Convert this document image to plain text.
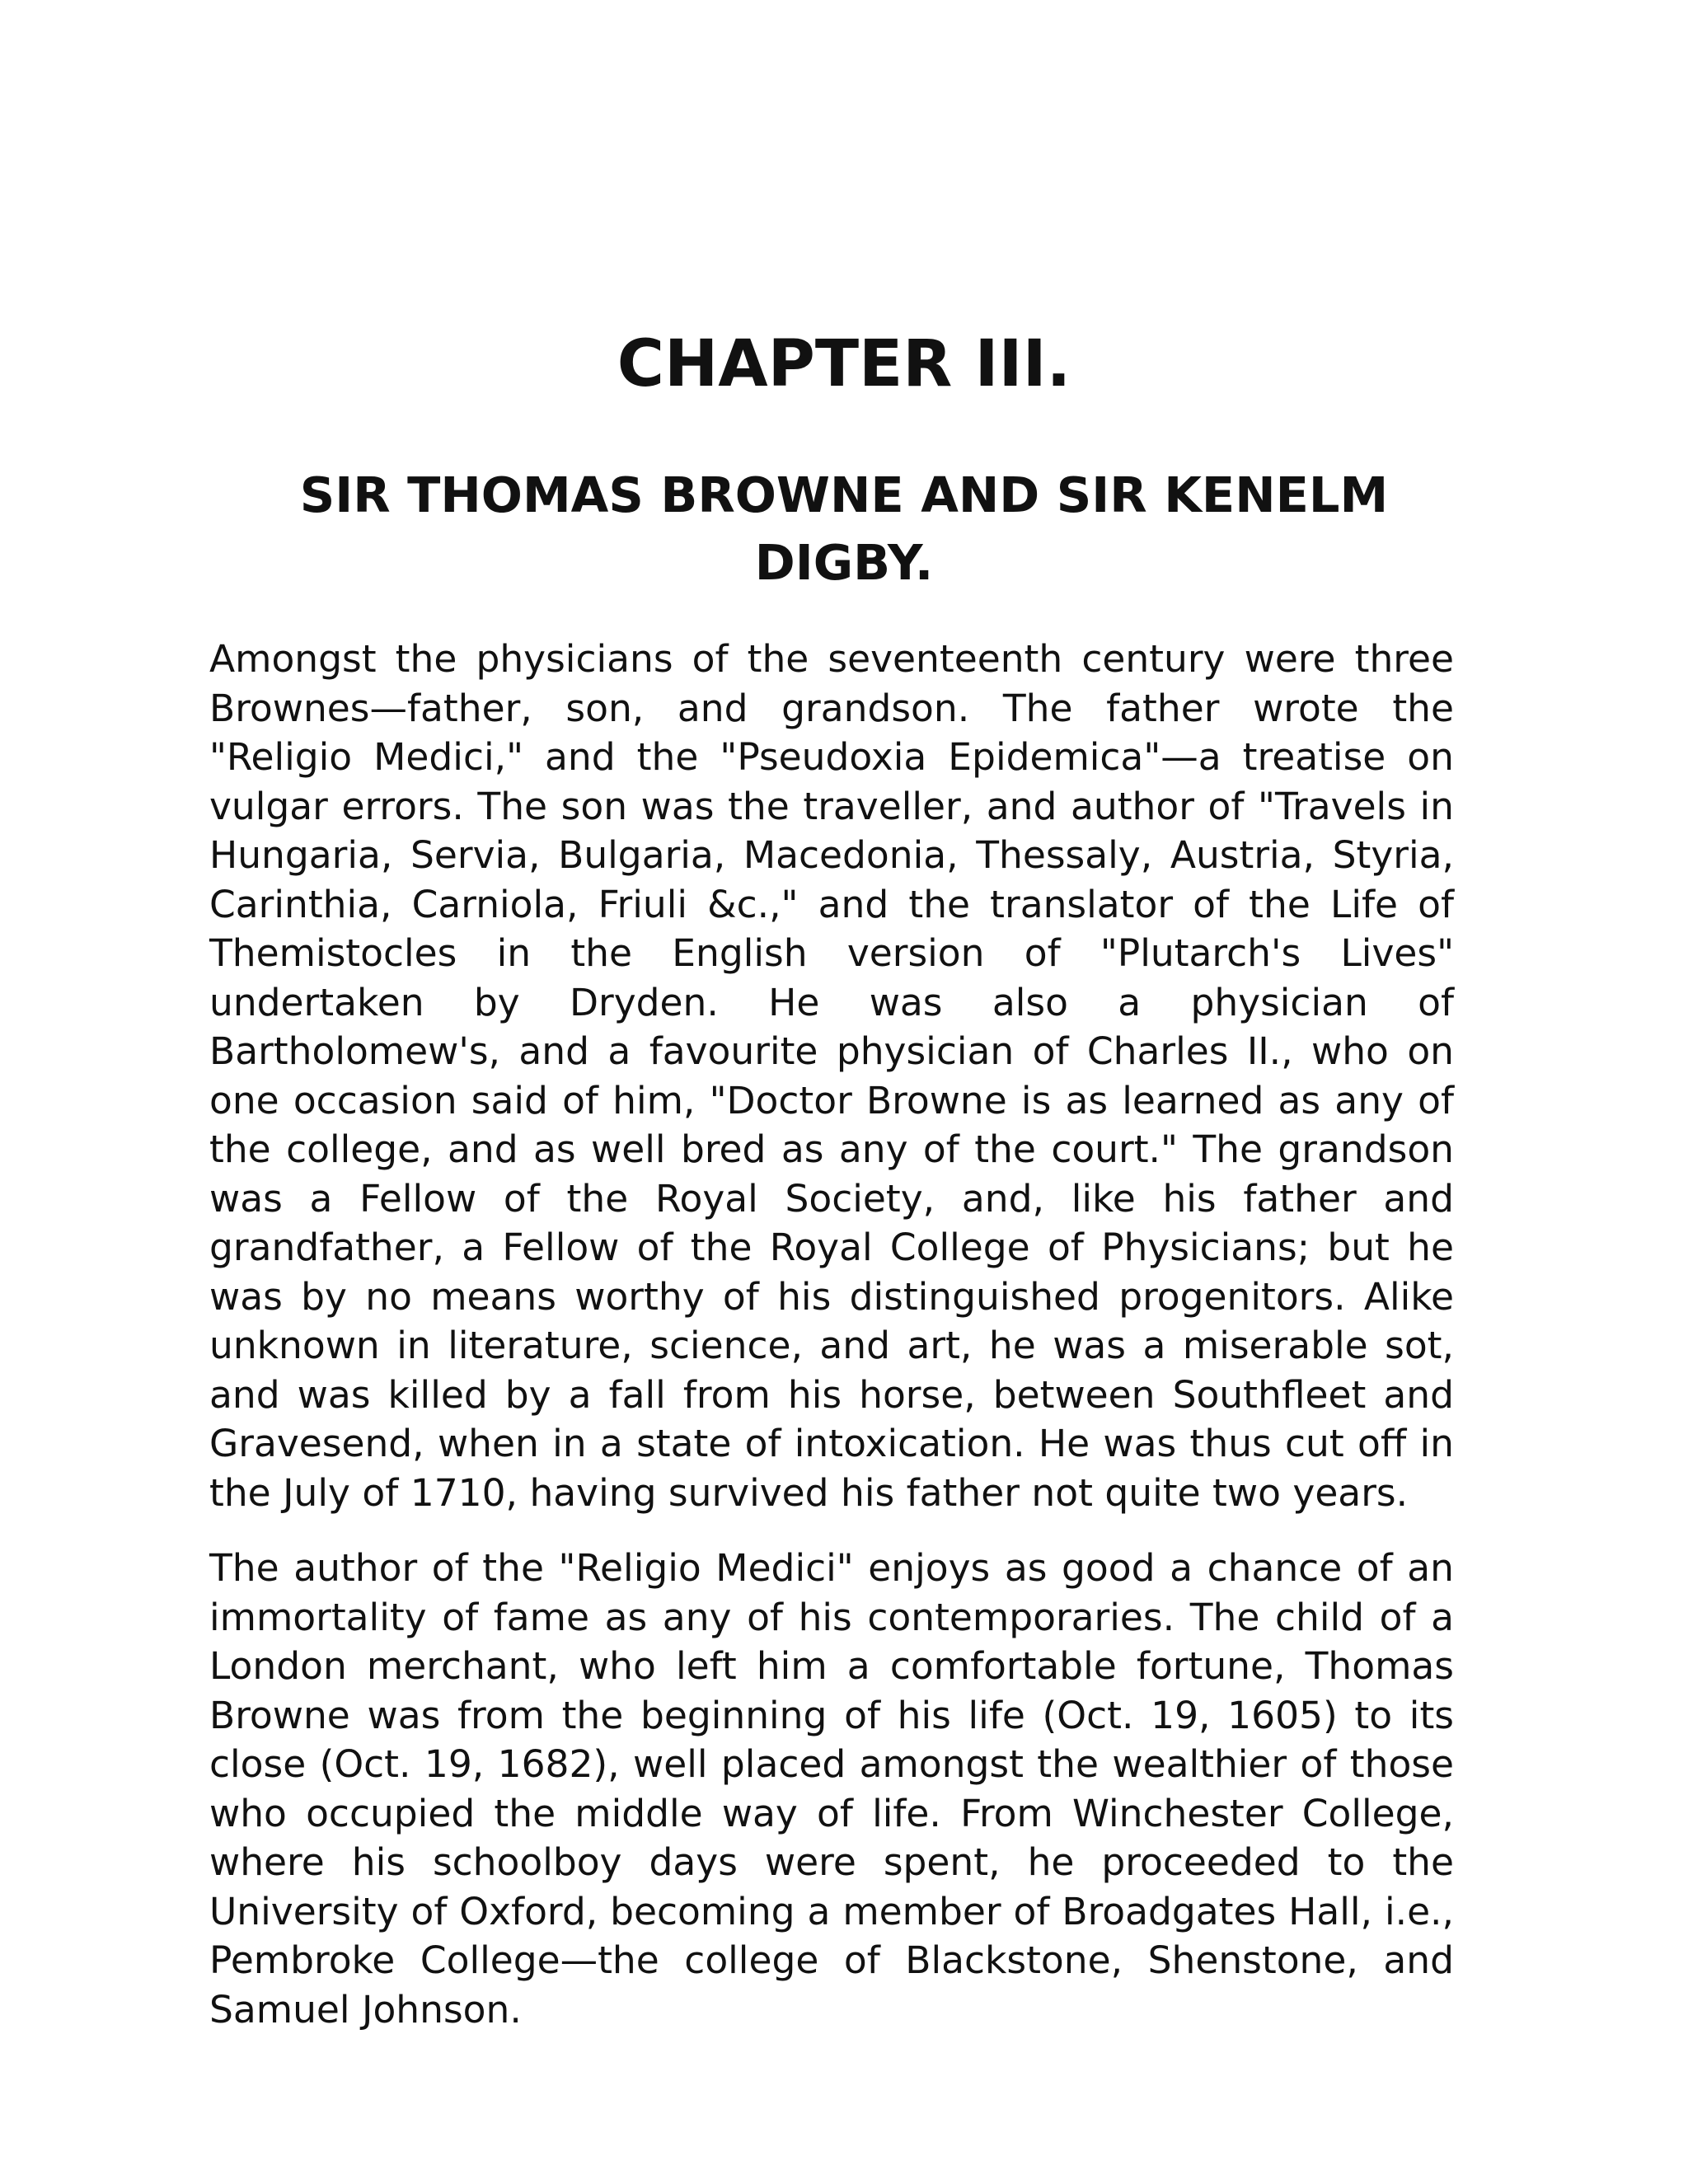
CHAPTER III.
SIR THOMAS BROWNE AND SIR KENELM DIGBY.

Amongst the physicians of the seventeenth century were three Brownes—father, son, and grandson. The father wrote the "Religio Medici," and the "Pseudoxia Epidemica"—a treatise on vulgar errors. The son was the traveller, and author of "Travels in Hungaria, Servia, Bulgaria, Macedonia, Thessaly, Austria, Styria, Carinthia, Carniola, Friuli &c.," and the translator of the Life of Themistocles in the English version of "Plutarch's Lives" undertaken by Dryden. He was also a physician of Bartholomew's, and a favourite physician of Charles II., who on one occasion said of him, "Doctor Browne is as learned as any of the college, and as well bred as any of the court." The grandson was a Fellow of the Royal Society, and, like his father and grandfather, a Fellow of the Royal College of Physicians; but he was by no means worthy of his distinguished progenitors. Alike unknown in literature, science, and art, he was a miserable sot, and was killed by a fall from his horse, between Southfleet and Gravesend, when in a state of intoxication. He was thus cut off in the July of 1710, having survived his father not quite two years.

The author of the "Religio Medici" enjoys as good a chance of an immortality of fame as any of his contemporaries. The child of a London merchant, who left him a comfortable fortune, Thomas Browne was from the beginning of his life (Oct. 19, 1605) to its close (Oct. 19, 1682), well placed amongst the wealthier of those who occupied the middle way of life. From Winchester College, where his schoolboy days were spent, he proceeded to the University of Oxford, becoming a member of Broadgates Hall, i.e., Pembroke College—the college of Blackstone, Shenstone, and Samuel Johnson.
